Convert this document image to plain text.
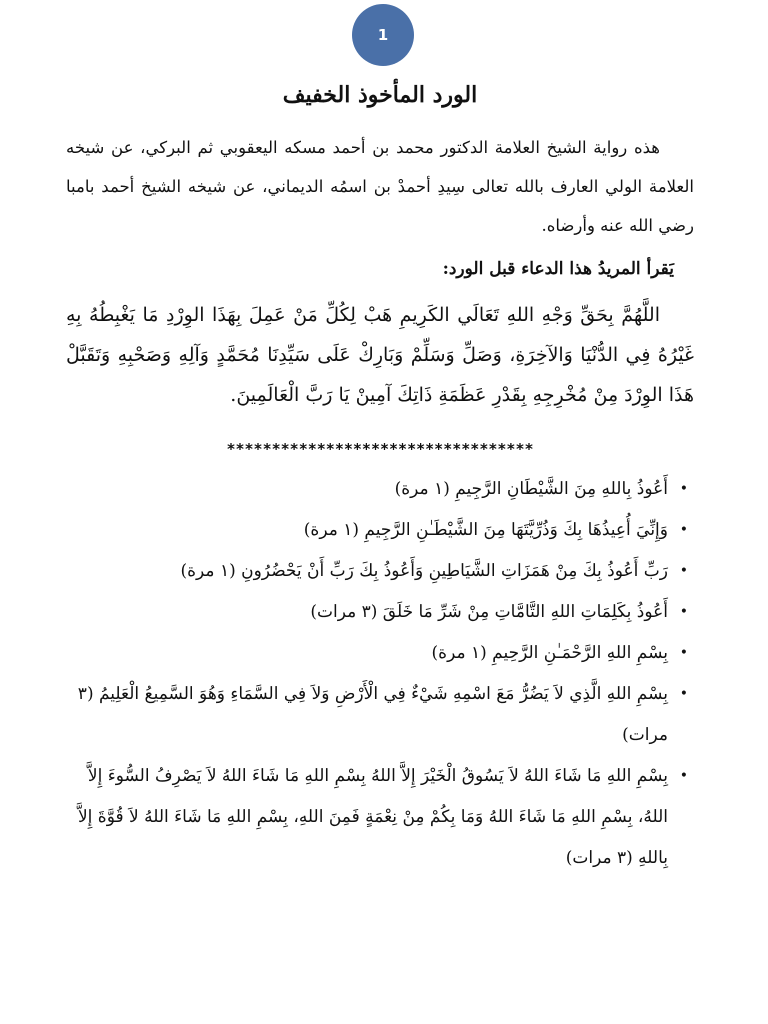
1
الورد المأخوذ الخفيف

هذه رواية الشيخ العلامة الدكتور محمد بن أحمد مسكه اليعقوبي ثم البركي، عن شيخه العلامة الولي العارف بالله تعالى سِيدِ أحمدْ بن اسمُه الديماني، عن شيخه الشيخ أحمد بامبا رضي الله عنه وأرضاه.

يَقرأ المريدُ هذا الدعاء قبل الورد:

اللَّهُمَّ بِحَقِّ وَجْهِ اللهِ تَعَالَي الكَرِيمِ هَبْ لِكُلِّ مَنْ عَمِلَ بِهَذَا الوِرْدِ مَا يَغْبِطُهُ بِهِ غَيْرُهُ فِي الدُّنْيَا وَالآخِرَةِ، وَصَلِّ وَسَلِّمْ وَبَارِكْ عَلَى سَيِّدِنَا مُحَمَّدٍ وَآلِهِ وَصَحْبِهِ وَتَقَبَّلْ هَذَا الوِرْدَ مِنْ مُخْرِجِهِ بِقَدْرِ عَظَمَةِ ذَاتِكَ آمِينْ يَا رَبَّ الْعَالَمِينَ.

**********************************
•
أَعُوذُ بِاللهِ مِنَ الشَّيْطَانِ الرَّجِيمِ (١ مرة)
•
وَإِنِّيَ أُعِيذُهَا بِكَ وَذُرِّيَّتَهَا مِنَ الشَّيْطَـٰنِ الرَّجِيمِ (١ مرة)
•
رَبِّ أَعُوذُ بِكَ مِنْ هَمَزَاتِ الشَّيَاطِينِ وَأَعُوذُ بِكَ رَبِّ أَنْ يَحْضُرُونِ (١ مرة)
•
أَعُوذُ بِكَلِمَاتِ اللهِ التَّامَّاتِ مِنْ شَرِّ مَا خَلَقَ (٣ مرات)
•
بِسْمِ اللهِ الرَّحْمَـٰنِ الرَّحِيمِ (١ مرة)
•
بِسْمِ اللهِ الَّذِي لاَ يَضُرُّ مَعَ اسْمِهِ شَيْءٌ فِي الْأَرْضِ وَلاَ فِي السَّمَاءِ وَهُوَ السَّمِيعُ الْعَلِيمُ (٣ مرات)
•
بِسْمِ اللهِ مَا شَاءَ اللهُ لاَ يَسُوقُ الْخَيْرَ إِلاَّ اللهُ بِسْمِ اللهِ مَا شَاءَ اللهُ لاَ يَصْرِفُ السُّوءَ إِلاَّ اللهُ، بِسْمِ اللهِ مَا شَاءَ اللهُ وَمَا بِكُمْ مِنْ نِعْمَةٍ فَمِنَ اللهِ، بِسْمِ اللهِ مَا شَاءَ اللهُ لاَ قُوَّةَ إِلاَّ بِاللهِ (٣ مرات)
